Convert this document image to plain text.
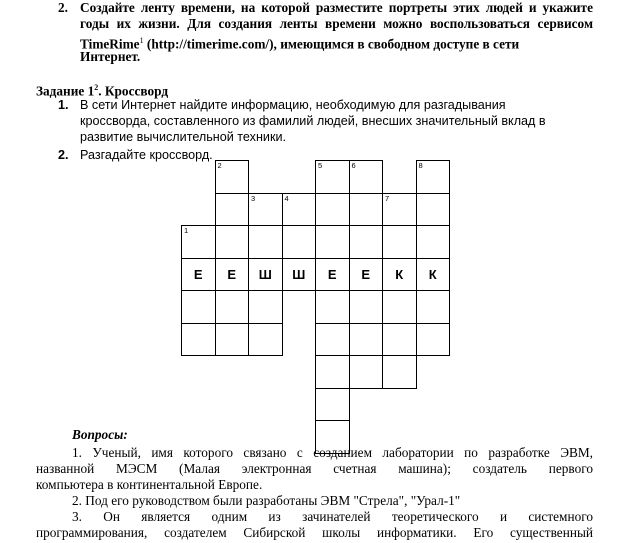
2. Создайте ленту времени, на которой разместите портреты этих людей и укажите
годы их жизни. Для создания ленты времени можно воспользоваться сервисом
TimeRime$^1$ (http://timerime.com/), имеющимся в свободном доступе в сети
Интернет.
Задание $1^2$. Кроссворд
1. В сети Интернет найдите информацию, необходимую для разгадывания
кроссворда, составленного из фамилий людей, внесших значительный вклад в
развитие вычислительной техники.
2. Разгадайте кроссворд.
1
Е
2
Е
3
Ш
4
Ш
5
Е
6
Е
7
К
8
К
Вопросы:
1. Ученый, имя которого связано с созданием лаборатории по разработке ЭВМ,
названной МЭСМ (Малая электронная счетная машина); создатель первого
компьютера в континентальной Европе.
2. Под его руководством были разработаны ЭВМ "Стрела", "Урал-1"
3. Он является одним из зачинателей теоретического и системного
программирования, создателем Сибирской школы информатики. Его существенный
